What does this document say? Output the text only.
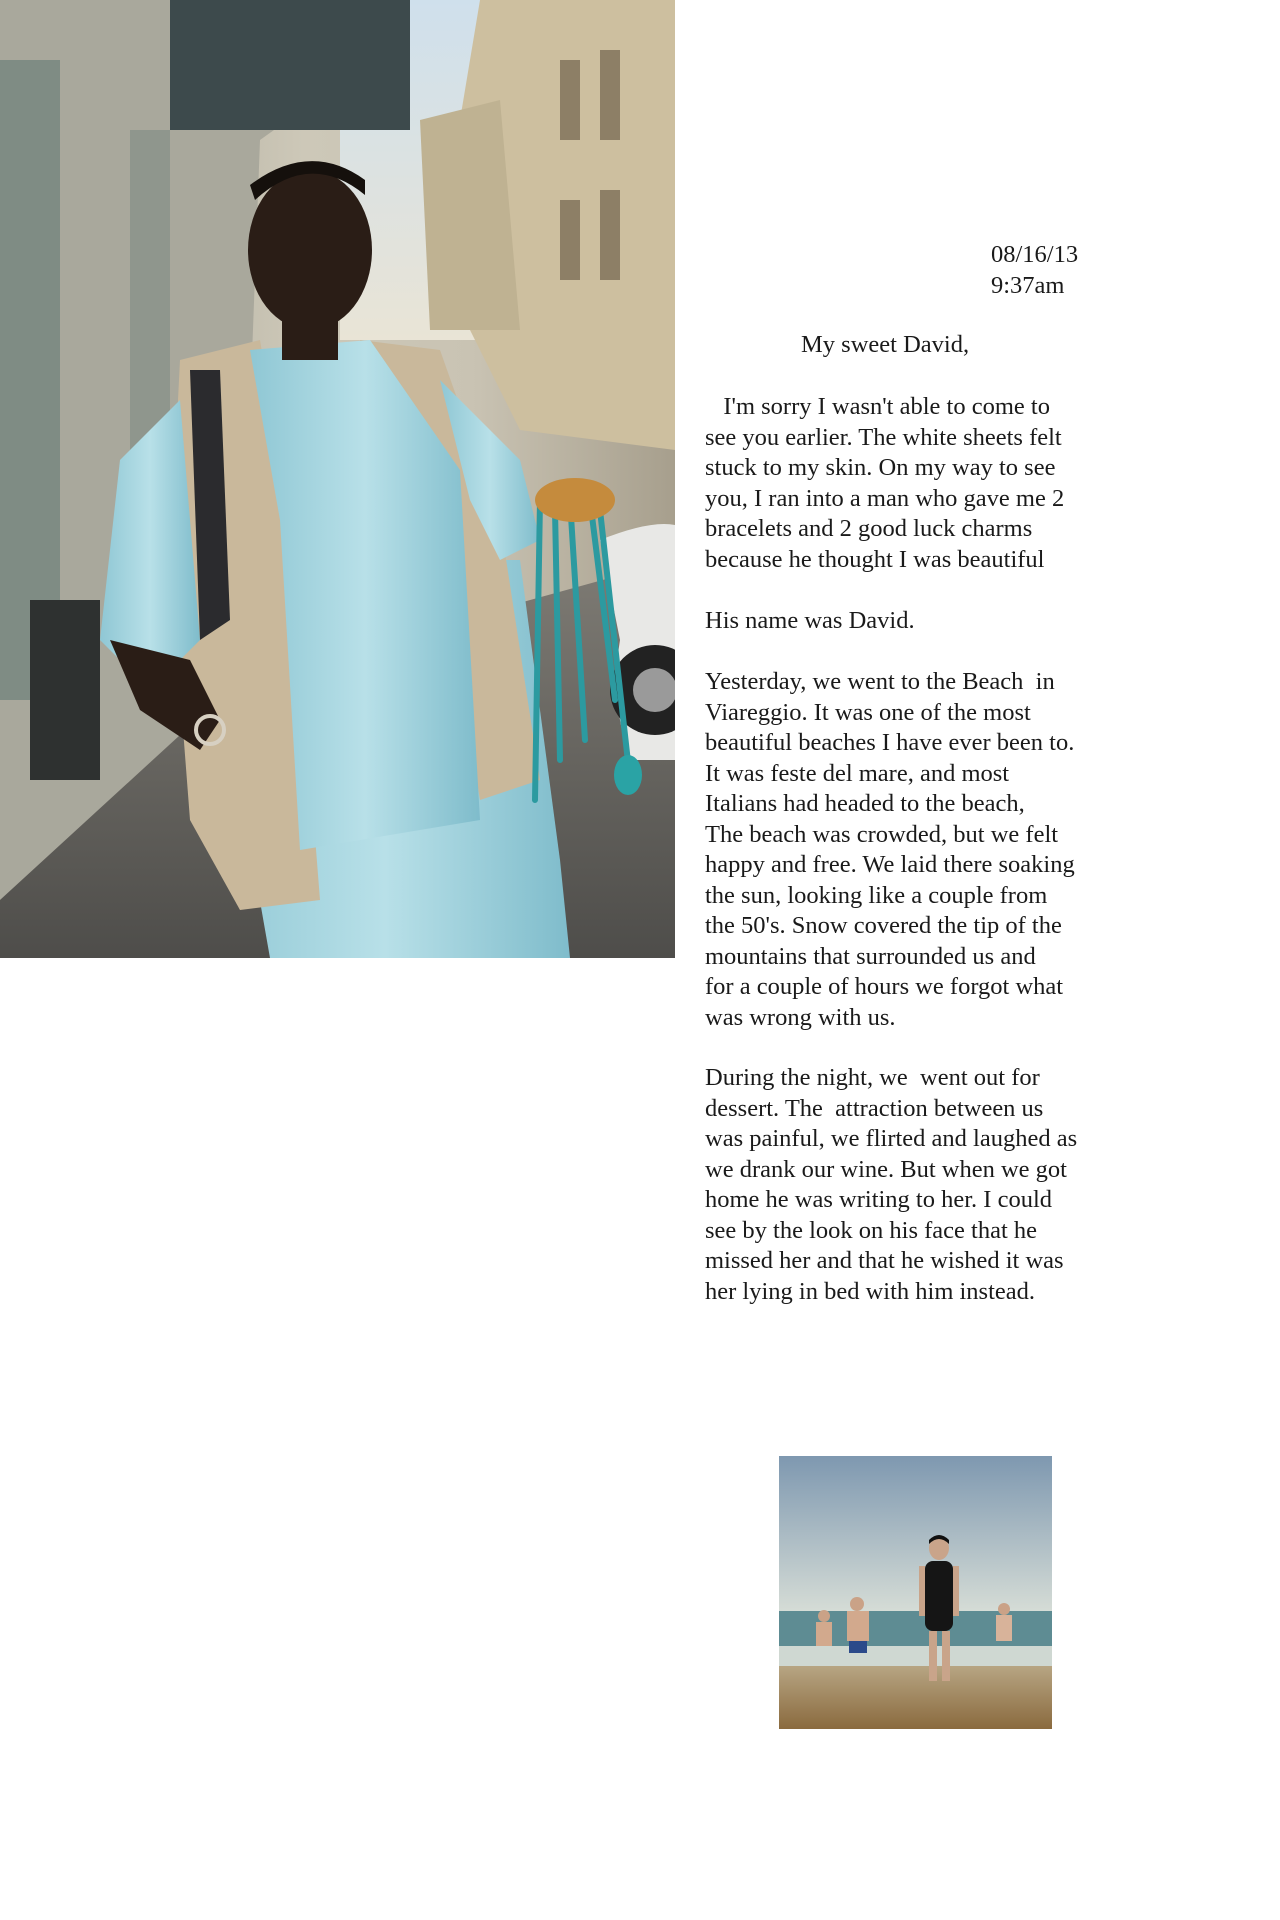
08/16/13
9:37am
My sweet David,

I'm sorry I wasn't able to come to
see you earlier. The white sheets felt
stuck to my skin. On my way to see
you, I ran into a man who gave me 2
bracelets and 2 good luck charms
because he thought I was beautiful

His name was David.

Yesterday, we went to the Beach  in
Viareggio. It was one of the most
beautiful beaches I have ever been to.
It was feste del mare, and most
Italians had headed to the beach,
The beach was crowded, but we felt
happy and free. We laid there soaking
the sun, looking like a couple from
the 50's. Snow covered the tip of the
mountains that surrounded us and
for a couple of hours we forgot what
was wrong with us.

During the night, we  went out for
dessert. The  attraction between us
was painful, we flirted and laughed as
we drank our wine. But when we got
home he was writing to her. I could
see by the look on his face that he
missed her and that he wished it was
her lying in bed with him instead.
